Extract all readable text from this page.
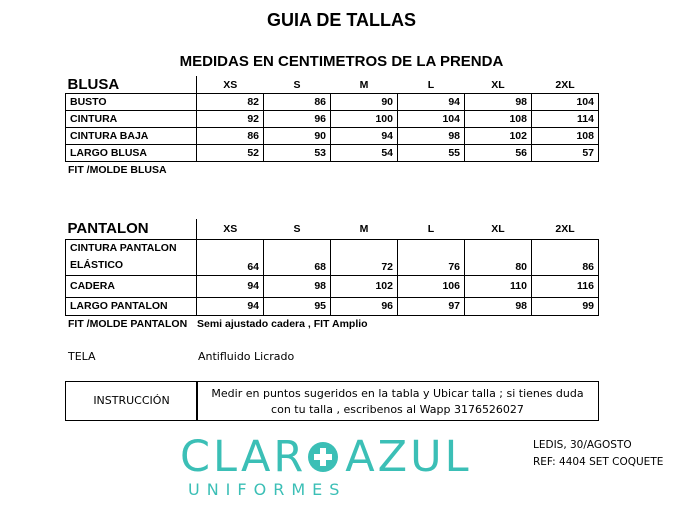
GUIA DE TALLAS
MEDIDAS EN CENTIMETROS DE LA PRENDA
BLUSA	XS	S	M	L	XL	2XL
BUSTO	82	86	90	94	98	104
CINTURA	92	96	100	104	108	114
CINTURA BAJA	86	90	94	98	102	108
LARGO BLUSA	52	53	54	55	56	57
FIT /MOLDE BLUSA
PANTALON	XS	S	M	L	XL	2XL
CINTURA PANTALON
ELÁSTICO	64	68	72	76	80	86
CADERA	94	98	102	106	110	116
LARGO PANTALON	94	95	96	97	98	99
FIT /MOLDE PANTALON Semi ajustado cadera , FIT Amplio
TELA	Antifluido Licrado
INSTRUCCIÓN
Medir en puntos sugeridos en la tabla y Ubicar talla ; si tienes duda
con tu talla , escribenos al Wapp 3176526027
CLAR AZUL
UNIFORMES
LEDIS, 30/AGOSTO
REF: 4404 SET COQUETE
